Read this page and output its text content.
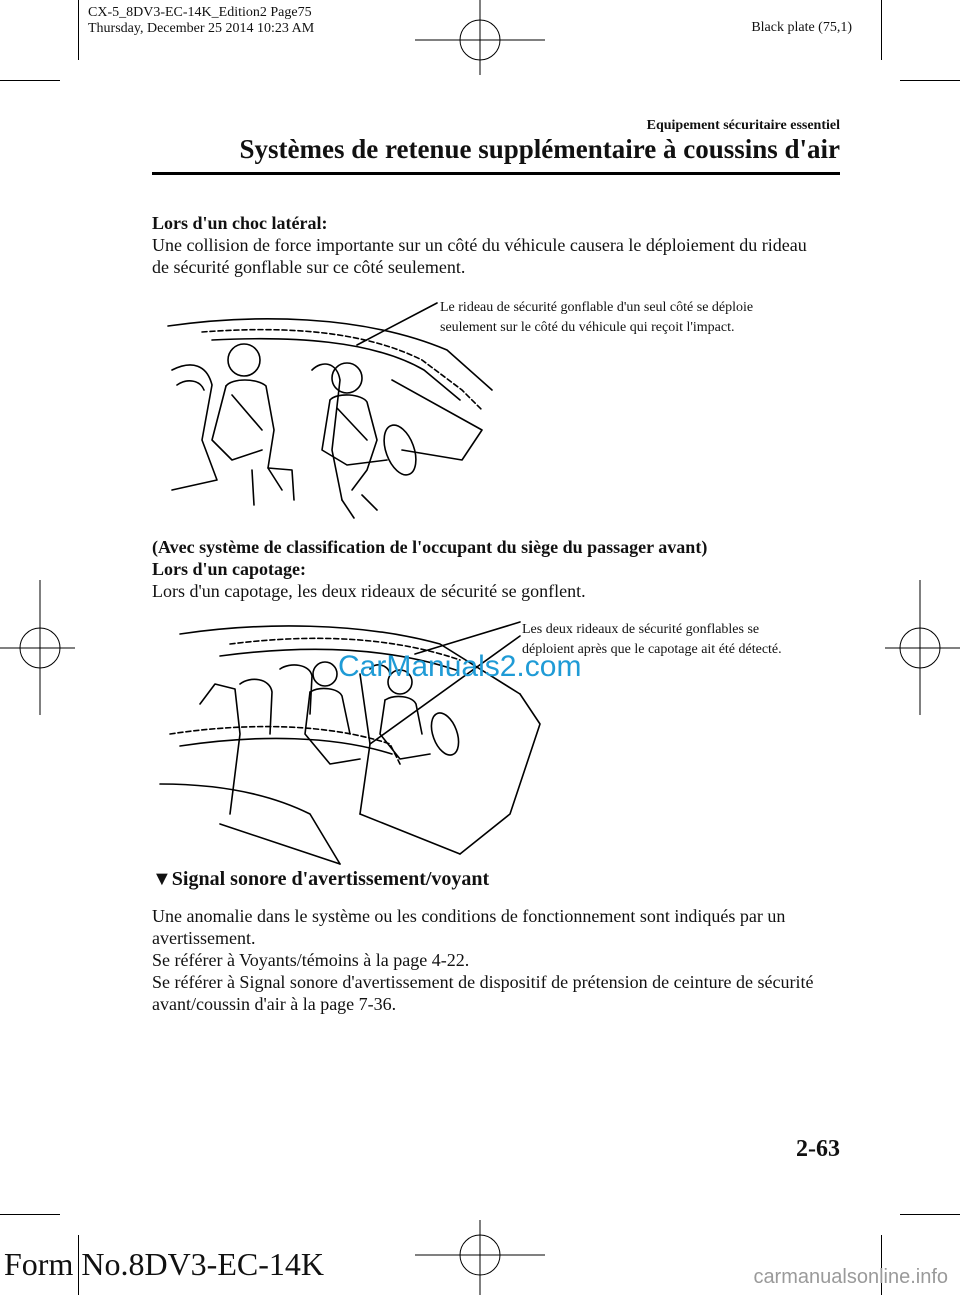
CX-5_8DV3-EC-14K_Edition2 Page75
Thursday, December 25 2014 10:23 AM	Black plate (75,1)
Equipement sécuritaire essentiel
Systèmes de retenue supplémentaire à coussins d'air
Lors d'un choc latéral:
Une collision de force importante sur un côté du véhicule causera le déploiement du rideau
de sécurité gonflable sur ce côté seulement.
Le rideau de sécurité gonflable d'un seul côté se déploie
seulement sur le côté du véhicule qui reçoit l'impact.
(Avec système de classification de l'occupant du siège du passager avant)
Lors d'un capotage:
Lors d'un capotage, les deux rideaux de sécurité se gonflent.
Les deux rideaux de sécurité gonflables se
déploient après que le capotage ait été détecté.
CarManuals2.com
▼Signal sonore d'avertissement/voyant
Une anomalie dans le système ou les conditions de fonctionnement sont indiqués par un
avertissement.
Se référer à Voyants/témoins à la page 4-22.
Se référer à Signal sonore d'avertissement de dispositif de prétension de ceinture de sécurité
avant/coussin d'air à la page 7-36.
2-63
Form No.8DV3-EC-14K	carmanualsonline.info
